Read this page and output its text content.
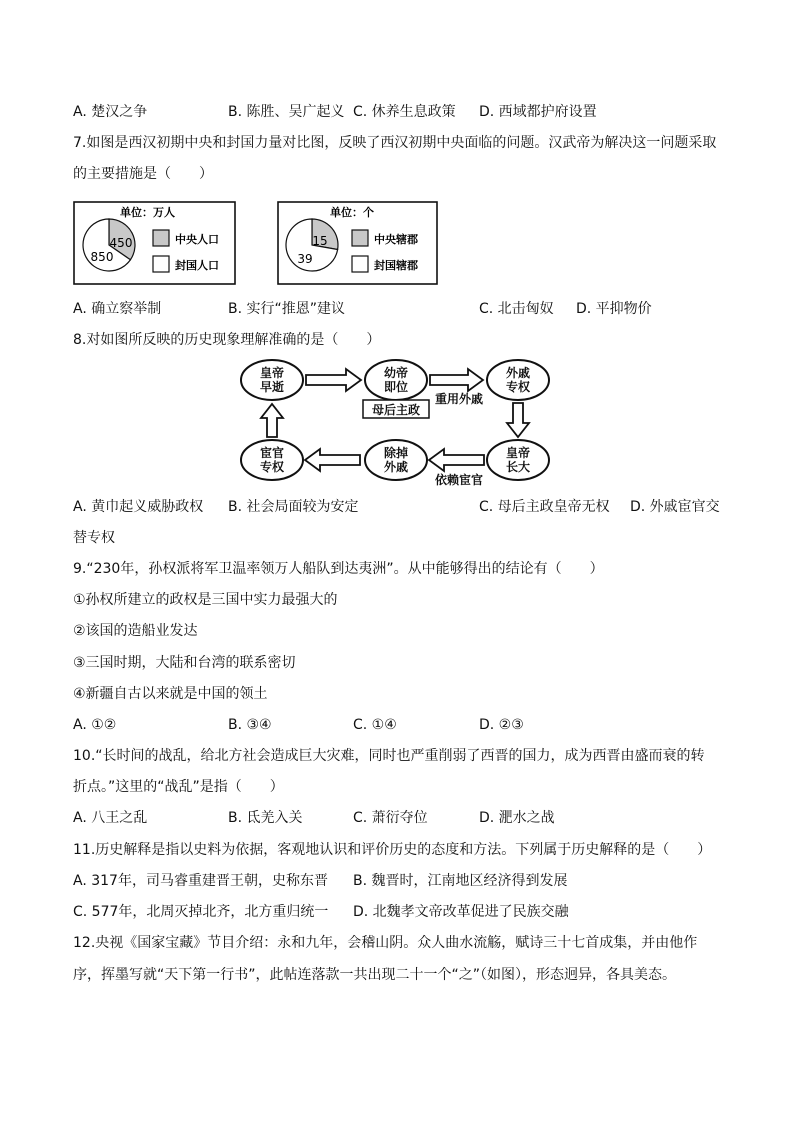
A. 楚汉之争	B. 陈胜、吴广起义 C. 休养生息政策 D. 西域都护府设置
7.如图是西汉初期中央和封国力量对比图，反映了西汉初期中央面临的问题。汉武帝为解决这一问题采取
的主要措施是（　　）
单位：万人
450
850
中央人口
封国人口
单位：个
15
39
中央辖郡
封国辖郡
A. 确立察举制	B. 实行“推恩”建议	C. 北击匈奴 D. 平抑物价
8.对如图所反映的历史现象理解准确的是（　　）
皇帝
早逝
幼帝
即位
外戚
专权
皇帝
长大
除掉
外戚
宦官
专权
母后主政
重用外戚
依赖宦官
A. 黄巾起义威胁政权 B. 社会局面较为安定	C. 母后主政皇帝无权 D. 外戚宦官交
替专权
9.“230年，孙权派将军卫温率领万人船队到达夷洲”。从中能够得出的结论有（　　）
①孙权所建立的政权是三国中实力最强大的
②该国的造船业发达
③三国时期，大陆和台湾的联系密切
④新疆自古以来就是中国的领土
A. ①②	B. ③④	C. ①④	D. ②③
10.“长时间的战乱，给北方社会造成巨大灾难，同时也严重削弱了西晋的国力，成为西晋由盛而衰的转
折点。”这里的“战乱”是指（　　）
A. 八王之乱	B. 氐羌入关	C. 萧衍夺位	D. 淝水之战
11.历史解释是指以史料为依据，客观地认识和评价历史的态度和方法。下列属于历史解释的是（　　）
A. 317年，司马睿重建晋王朝，史称东晋 B. 魏晋时，江南地区经济得到发展
C. 577年，北周灭掉北齐，北方重归统一 D. 北魏孝文帝改革促进了民族交融
12.央视《国家宝藏》节目介绍：永和九年，会稽山阴。众人曲水流觞，赋诗三十七首成集，并由他作
序，挥墨写就“天下第一行书”，此帖连落款一共出现二十一个“之”（如图），形态迥异，各具美态。
